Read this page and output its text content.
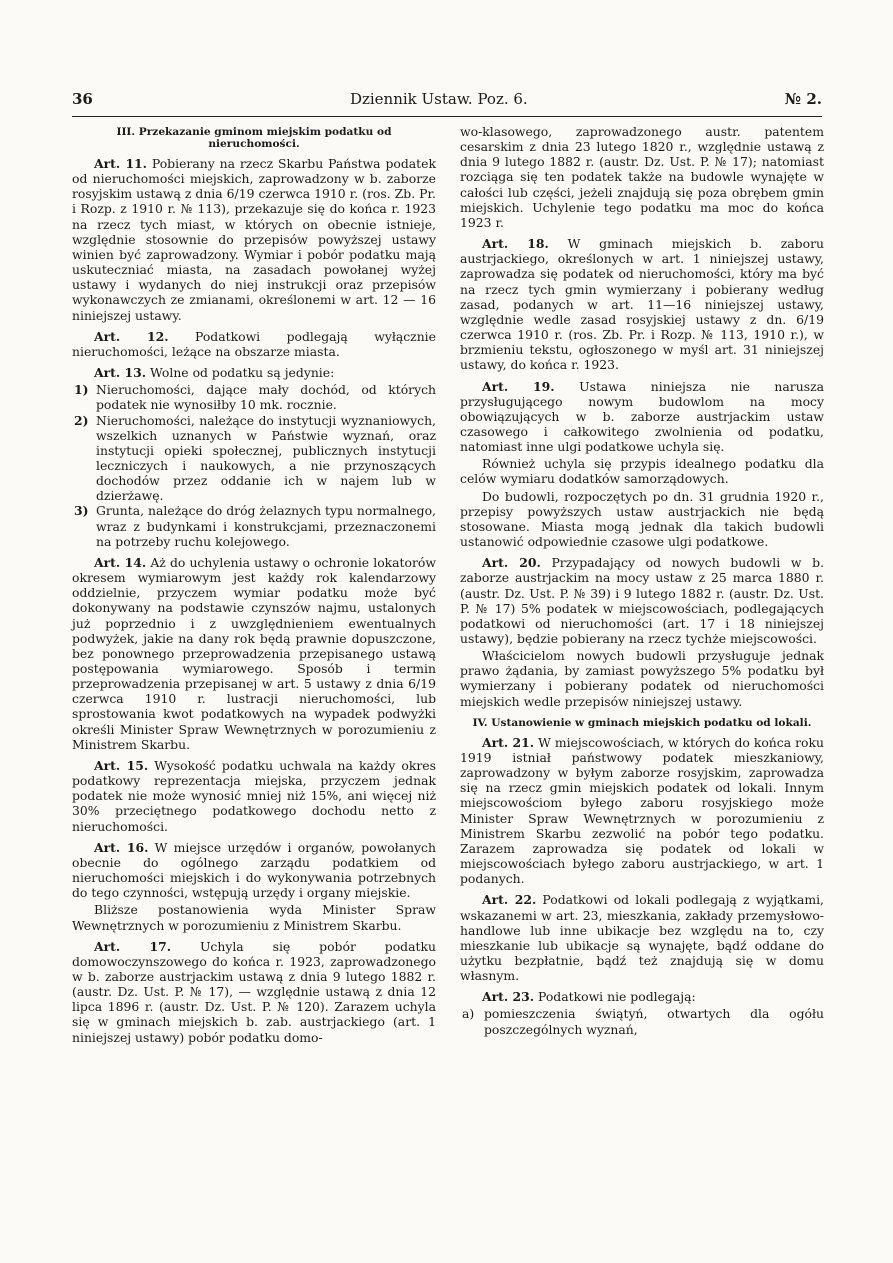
36	Dziennik Ustaw. Poz. 6.	№ 2.

III. Przekazanie gminom miejskim podatku od nieruchomości.

Art. 11. Pobierany na rzecz Skarbu Państwa podatek od nieruchomości miejskich, zaprowadzony w b. zaborze rosyjskim ustawą z dnia 6/19 czerwca 1910 r. (ros. Zb. Pr. i Rozp. z 1910 r. № 113), przekazuje się do końca r. 1923 na rzecz tych miast, w których on obecnie istnieje, względnie stosownie do przepisów powyższej ustawy winien być zaprowadzony. Wymiar i pobór podatku mają uskuteczniać miasta, na zasadach powołanej wyżej ustawy i wydanych do niej instrukcji oraz przepisów wykonawczych ze zmianami, określonemi w art. 12 — 16 niniejszej ustawy.

Art. 12. Podatkowi podlegają wyłącznie nieruchomości, leżące na obszarze miasta.

Art. 13. Wolne od podatku są jedynie:

1) Nieruchomości, dające mały dochód, od których podatek nie wynosiłby 10 mk. rocznie.
2) Nieruchomości, należące do instytucji wyznaniowych, wszelkich uznanych w Państwie wyznań, oraz instytucji opieki społecznej, publicznych instytucji leczniczych i naukowych, a nie przynoszących dochodów przez oddanie ich w najem lub w dzierżawę.
3) Grunta, należące do dróg żelaznych typu normalnego, wraz z budynkami i konstrukcjami, przeznaczonemi na potrzeby ruchu kolejowego.

Art. 14. Aż do uchylenia ustawy o ochronie lokatorów okresem wymiarowym jest każdy rok kalendarzowy oddzielnie, przyczem wymiar podatku może być dokonywany na podstawie czynszów najmu, ustalonych już poprzednio i z uwzględnieniem ewentualnych podwyżek, jakie na dany rok będą prawnie dopuszczone, bez ponownego przeprowadzenia przepisanego ustawą postępowania wymiarowego. Sposób i termin przeprowadzenia przepisanej w art. 5 ustawy z dnia 6/19 czerwca 1910 r. lustracji nieruchomości, lub sprostowania kwot podatkowych na wypadek podwyżki określi Minister Spraw Wewnętrznych w porozumieniu z Ministrem Skarbu.

Art. 15. Wysokość podatku uchwala na każdy okres podatkowy reprezentacja miejska, przyczem jednak podatek nie może wynosić mniej niż 15%, ani więcej niż 30% przeciętnego podatkowego dochodu netto z nieruchomości.

Art. 16. W miejsce urzędów i organów, powołanych obecnie do ogólnego zarządu podatkiem od nieruchomości miejskich i do wykonywania potrzebnych do tego czynności, wstępują urzędy i organy miejskie.

Bliższe postanowienia wyda Minister Spraw Wewnętrznych w porozumieniu z Ministrem Skarbu.

Art. 17. Uchyla się pobór podatku domowoczynszowego do końca r. 1923, zaprowadzonego w b. zaborze austrjackim ustawą z dnia 9 lutego 1882 r. (austr. Dz. Ust. P. № 17), — względnie ustawą z dnia 12 lipca 1896 r. (austr. Dz. Ust. P. № 120). Zarazem uchyla się w gminach miejskich b. zab. austrjackiego (art. 1 niniejszej ustawy) pobór podatku domo-

wo-klasowego, zaprowadzonego austr. patentem cesarskim z dnia 23 lutego 1820 r., względnie ustawą z dnia 9 lutego 1882 r. (austr. Dz. Ust. P. № 17); natomiast rozciąga się ten podatek także na budowle wynajęte w całości lub części, jeżeli znajdują się poza obrębem gmin miejskich. Uchylenie tego podatku ma moc do końca 1923 r.

Art. 18. W gminach miejskich b. zaboru austrjackiego, określonych w art. 1 niniejszej ustawy, zaprowadza się podatek od nieruchomości, który ma być na rzecz tych gmin wymierzany i pobierany według zasad, podanych w art. 11—16 niniejszej ustawy, względnie wedle zasad rosyjskiej ustawy z dn. 6/19 czerwca 1910 r. (ros. Zb. Pr. i Rozp. № 113, 1910 r.), w brzmieniu tekstu, ogłoszonego w myśl art. 31 niniejszej ustawy, do końca r. 1923.

Art. 19. Ustawa niniejsza nie narusza przysługującego nowym budowlom na mocy obowiązujących w b. zaborze austrjackim ustaw czasowego i całkowitego zwolnienia od podatku, natomiast inne ulgi podatkowe uchyla się.

Również uchyla się przypis idealnego podatku dla celów wymiaru dodatków samorządowych.

Do budowli, rozpoczętych po dn. 31 grudnia 1920 r., przepisy powyższych ustaw austrjackich nie będą stosowane. Miasta mogą jednak dla takich budowli ustanowić odpowiednie czasowe ulgi podatkowe.

Art. 20. Przypadający od nowych budowli w b. zaborze austrjackim na mocy ustaw z 25 marca 1880 r. (austr. Dz. Ust. P. № 39) i 9 lutego 1882 r. (austr. Dz. Ust. P. № 17) 5% podatek w miejscowościach, podlegających podatkowi od nieruchomości (art. 17 i 18 niniejszej ustawy), będzie pobierany na rzecz tychże miejscowości.

Właścicielom nowych budowli przysługuje jednak prawo żądania, by zamiast powyższego 5% podatku był wymierzany i pobierany podatek od nieruchomości miejskich wedle przepisów niniejszej ustawy.

IV. Ustanowienie w gminach miejskich podatku od lokali.

Art. 21. W miejscowościach, w których do końca roku 1919 istniał państwowy podatek mieszkaniowy, zaprowadzony w byłym zaborze rosyjskim, zaprowadza się na rzecz gmin miejskich podatek od lokali. Innym miejscowościom byłego zaboru rosyjskiego może Minister Spraw Wewnętrznych w porozumieniu z Ministrem Skarbu zezwolić na pobór tego podatku. Zarazem zaprowadza się podatek od lokali w miejscowościach byłego zaboru austrjackiego, w art. 1 podanych.

Art. 22. Podatkowi od lokali podlegają z wyjątkami, wskazanemi w art. 23, mieszkania, zakłady przemysłowo-handlowe lub inne ubikacje bez względu na to, czy mieszkanie lub ubikacje są wynajęte, bądź oddane do użytku bezpłatnie, bądź też znajdują się w domu własnym.

Art. 23. Podatkowi nie podlegają:

a) pomieszczenia świątyń, otwartych dla ogółu poszczególnych wyznań,
